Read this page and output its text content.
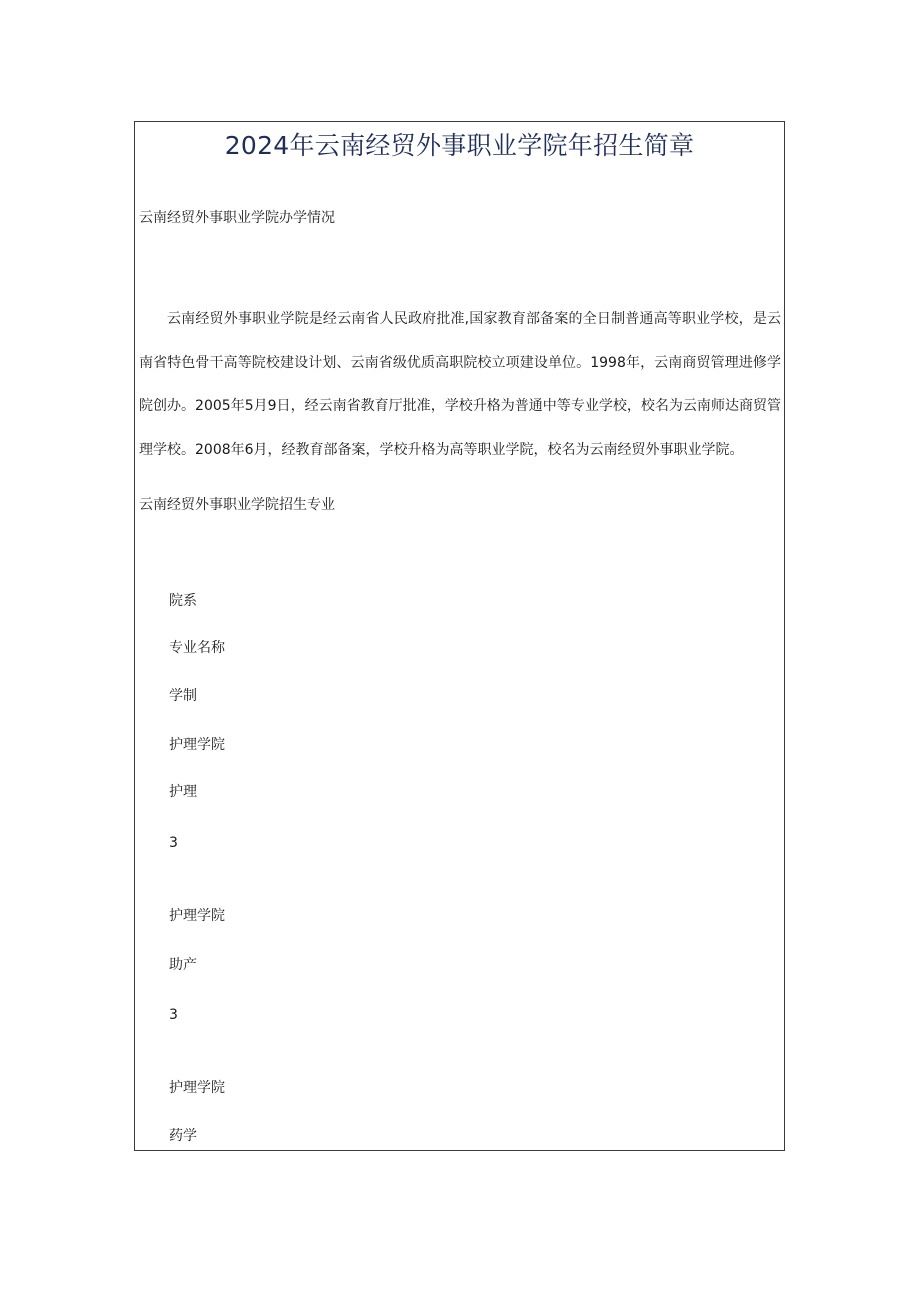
2024年云南经贸外事职业学院年招生简章
云南经贸外事职业学院办学情况

云南经贸外事职业学院是经云南省人民政府批准,国家教育部备案的全日制普通高等职业学校，是云南省特色骨干高等院校建设计划、云南省级优质高职院校立项建设单位。1998年，云南商贸管理进修学院创办。2005年5月9日，经云南省教育厅批准，学校升格为普通中等专业学校，校名为云南师达商贸管理学校。2008年6月，经教育部备案，学校升格为高等职业学院，校名为云南经贸外事职业学院。

云南经贸外事职业学院招生专业
院系
专业名称
学制
护理学院
护理
3
护理学院
助产
3
护理学院
药学
